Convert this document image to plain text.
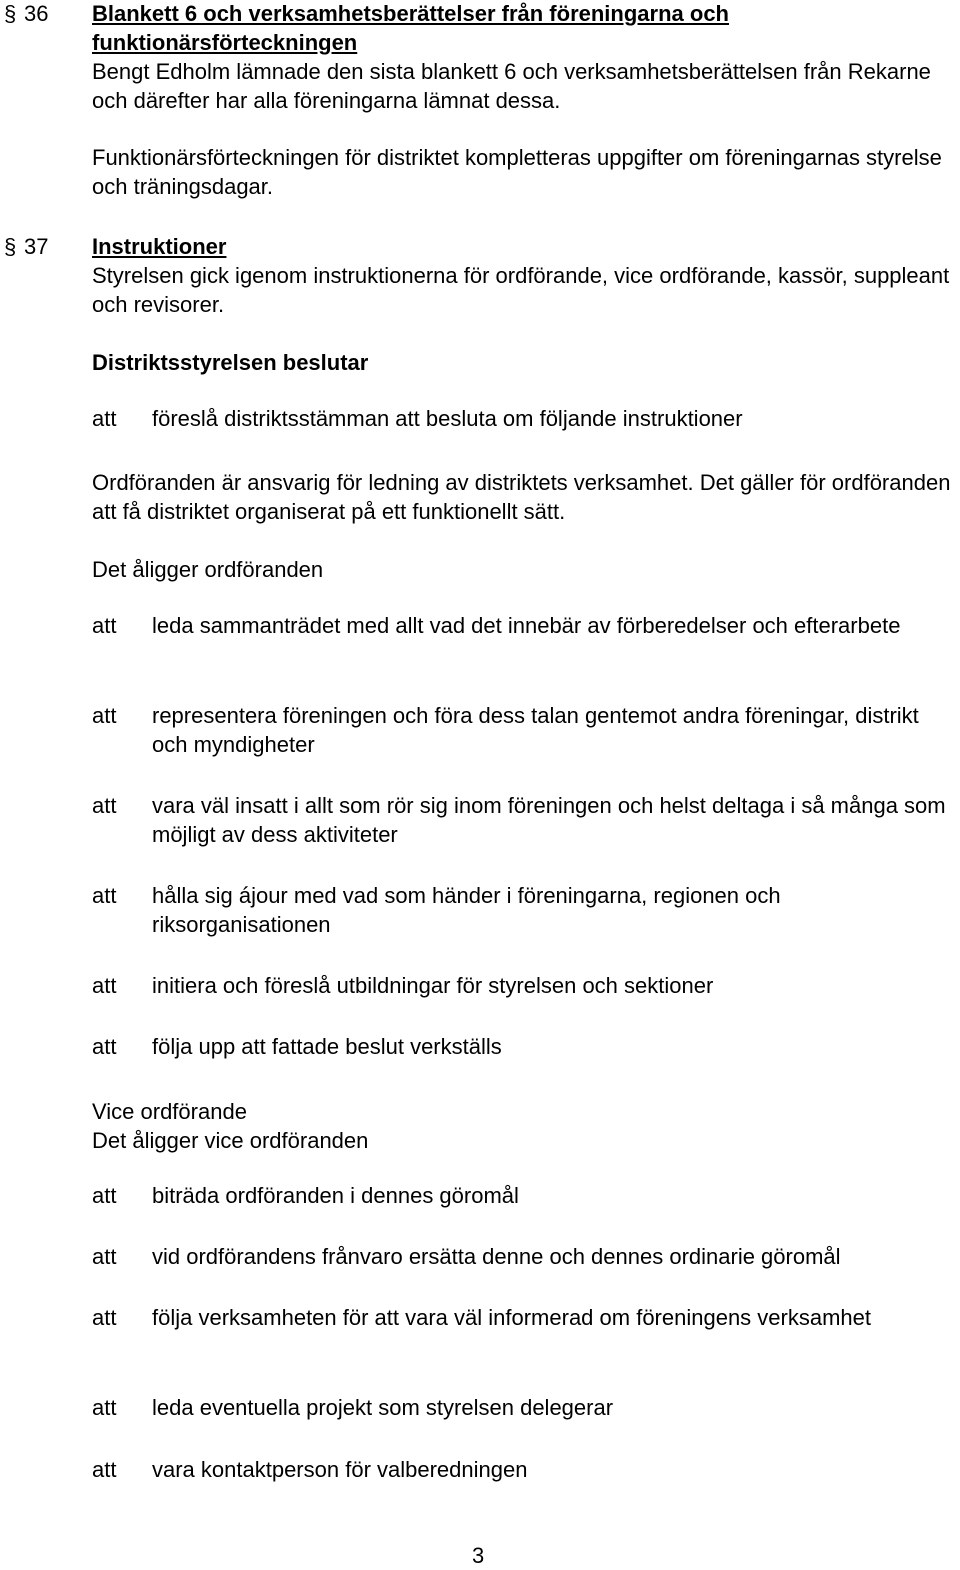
§ 36 Blankett 6 och verksamhetsberättelser från föreningarna och
funktionärsförteckningen
Bengt Edholm lämnade den sista blankett 6 och verksamhetsberättelsen från Rekarne och därefter har alla föreningarna lämnat dessa.
Funktionärsförteckningen för distriktet kompletteras uppgifter om föreningarnas styrelse och träningsdagar.
§ 37 Instruktioner
Styrelsen gick igenom instruktionerna för ordförande, vice ordförande, kassör, suppleant och revisorer.
Distriktsstyrelsen beslutar
att föreslå distriktsstämman att besluta om följande instruktioner
Ordföranden är ansvarig för ledning av distriktets verksamhet. Det gäller för ordföranden att få distriktet organiserat på ett funktionellt sätt.
Det åligger ordföranden
att leda sammanträdet med allt vad det innebär av förberedelser och efterarbete
att representera föreningen och föra dess talan gentemot andra föreningar, distrikt och myndigheter
att vara väl insatt i allt som rör sig inom föreningen och helst deltaga i så många som möjligt av dess aktiviteter
att hålla sig ájour med vad som händer i föreningarna, regionen och riksorganisationen
att initiera och föreslå utbildningar för styrelsen och sektioner
att följa upp att fattade beslut verkställs
Vice ordförande
Det åligger vice ordföranden
att biträda ordföranden i dennes göromål
att vid ordförandens frånvaro ersätta denne och dennes ordinarie göromål
att följa verksamheten för att vara väl informerad om föreningens verksamhet
att leda eventuella projekt som styrelsen delegerar
att vara kontaktperson för valberedningen
3
